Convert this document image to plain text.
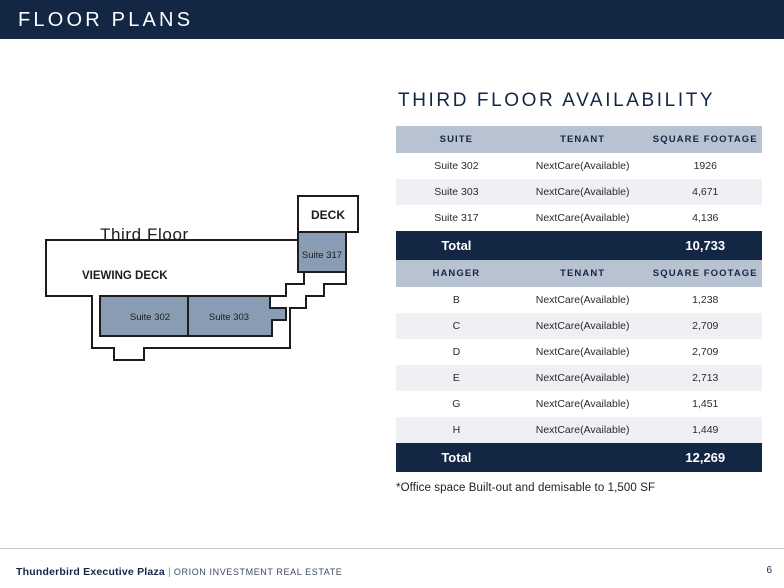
FLOOR PLANS
DECK
Suite 317
VIEWING DECK
Suite 302	Suite 303
Third Floor
THIRD FLOOR AVAILABILITY
SUITE	TENANT	SQUARE FOOTAGE
Suite 302	NextCare(Available)	1926
Suite 303	NextCare(Available)	4,671
Suite 317	NextCare(Available)	4,136
Total		10,733
HANGER	TENANT	SQUARE FOOTAGE
B	NextCare(Available)	1,238
C	NextCare(Available)	2,709
D	NextCare(Available)	2,709
E	NextCare(Available)	2,713
G	NextCare(Available)	1,451
H	NextCare(Available)	1,449
Total		12,269
*Office space Built-out and demisable to 1,500 SF
Thunderbird Executive Plaza | ORION INVESTMENT REAL ESTATE	6
